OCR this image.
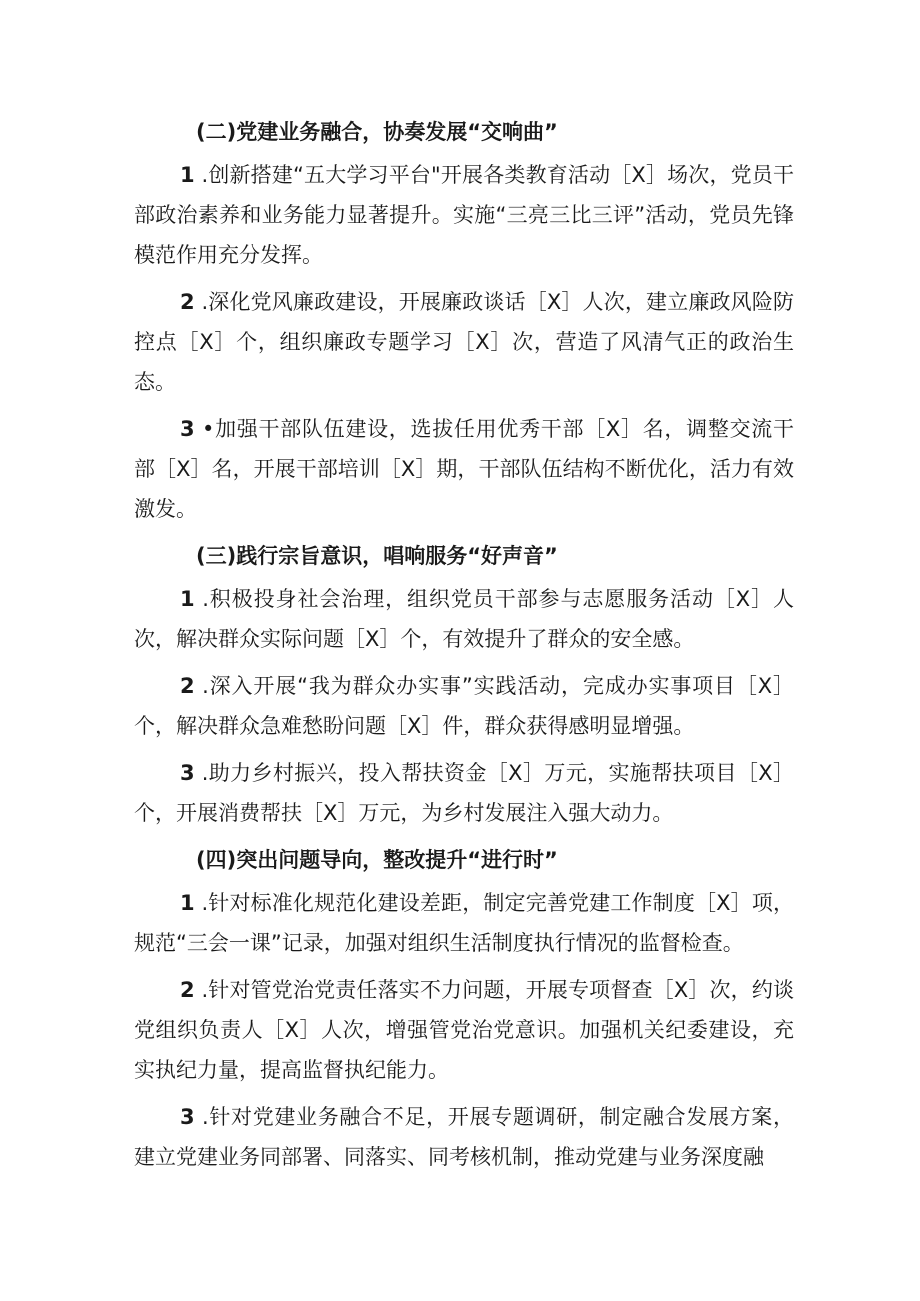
(二)党建业务融合，协奏发展“交响曲”

1 .创新搭建“五大学习平台"开展各类教育活动［X］场次，党员干部政治素养和业务能力显著提升。实施“三亮三比三评”活动，党员先锋模范作用充分发挥。

2 .深化党风廉政建设，开展廉政谈话［X］人次，建立廉政风险防控点［X］个，组织廉政专题学习［X］次，营造了风清气正的政治生态。

3 •加强干部队伍建设，选拔任用优秀干部［X］名，调整交流干部［X］名，开展干部培训［X］期，干部队伍结构不断优化，活力有效激发。

(三)践行宗旨意识，唱响服务“好声音”

1 .积极投身社会治理，组织党员干部参与志愿服务活动［X］人次，解决群众实际问题［X］个，有效提升了群众的安全感。

2 .深入开展“我为群众办实事”实践活动，完成办实事项目［X］个，解决群众急难愁盼问题［X］件，群众获得感明显增强。

3 .助力乡村振兴，投入帮扶资金［X］万元，实施帮扶项目［X］个，开展消费帮扶［X］万元，为乡村发展注入强大动力。

(四)突出问题导向，整改提升“进行时”

1 .针对标准化规范化建设差距，制定完善党建工作制度［X］项，规范“三会一课”记录，加强对组织生活制度执行情况的监督检查。

2 .针对管党治党责任落实不力问题，开展专项督查［X］次，约谈党组织负责人［X］人次，增强管党治党意识。加强机关纪委建设，充实执纪力量，提高监督执纪能力。

3 .针对党建业务融合不足，开展专题调研，制定融合发展方案，建立党建业务同部署、同落实、同考核机制，推动党建与业务深度融
